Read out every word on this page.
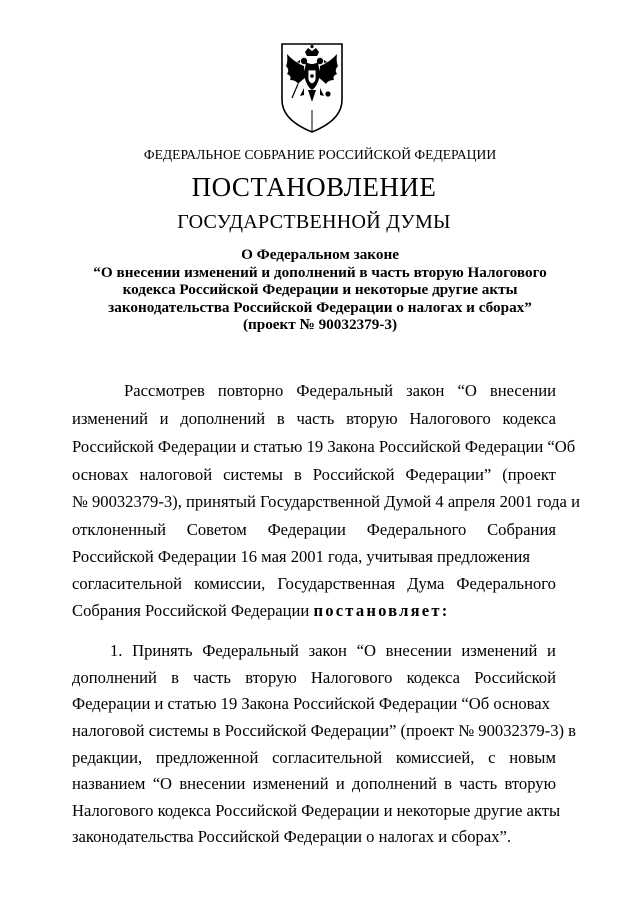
ФЕДЕРАЛЬНОЕ СОБРАНИЕ РОССИЙСКОЙ ФЕДЕРАЦИИ
ПОСТАНОВЛЕНИЕ
ГОСУДАРСТВЕННОЙ ДУМЫ
О Федеральном законе
“О внесении изменений и дополнений в часть вторую Налогового
кодекса Российской Федерации и некоторые другие акты
законодательства Российской Федерации о налогах и сборах”
(проект № 90032379-3)
Рассмотрев повторно Федеральный закон “О внесении
изменений и дополнений в часть вторую Налогового кодекса
Российской Федерации и статью 19 Закона Российской Федерации “Об
основах налоговой системы в Российской Федерации” (проект
№ 90032379-3), принятый Государственной Думой 4 апреля 2001 года и
отклоненный Советом Федерации Федерального Собрания
Российской Федерации 16 мая 2001 года, учитывая предложения
согласительной комиссии, Государственная Дума Федерального
Собрания Российской Федерации постановляет:
1. Принять Федеральный закон “О внесении изменений и
дополнений в часть вторую Налогового кодекса Российской
Федерации и статью 19 Закона Российской Федерации “Об основах
налоговой системы в Российской Федерации” (проект № 90032379-3) в
редакции, предложенной согласительной комиссией, с новым
названием “О внесении изменений и дополнений в часть вторую
Налогового кодекса Российской Федерации и некоторые другие акты
законодательства Российской Федерации о налогах и сборах”.
